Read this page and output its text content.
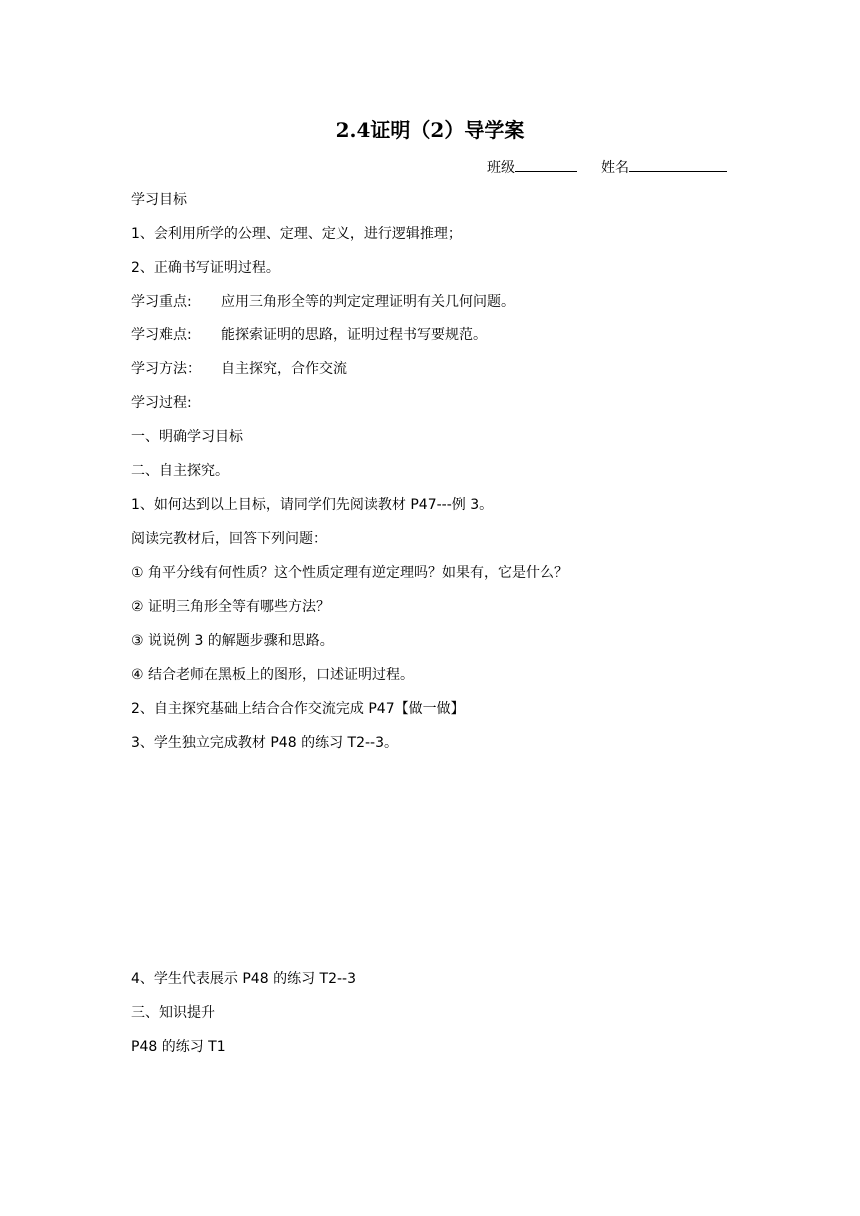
2.4证明（2）导学案
班级	姓名

学习目标

1、会利用所学的公理、定理、定义，进行逻辑推理；

2、正确书写证明过程。

学习重点: 应用三角形全等的判定定理证明有关几何问题。

学习难点: 能探索证明的思路，证明过程书写要规范。

学习方法： 自主探究，合作交流

学习过程:

一、明确学习目标

二、自主探究。

1、如何达到以上目标，请同学们先阅读教材 P47---例 3。

阅读完教材后，回答下列问题：

① 角平分线有何性质？这个性质定理有逆定理吗？如果有，它是什么？

② 证明三角形全等有哪些方法？

③ 说说例 3 的解题步骤和思路。

④ 结合老师在黑板上的图形，口述证明过程。

2、自主探究基础上结合合作交流完成 P47【做一做】

3、学生独立完成教材 P48 的练习 T2--3。

4、学生代表展示 P48 的练习 T2--3

三、知识提升

P48 的练习 T1
